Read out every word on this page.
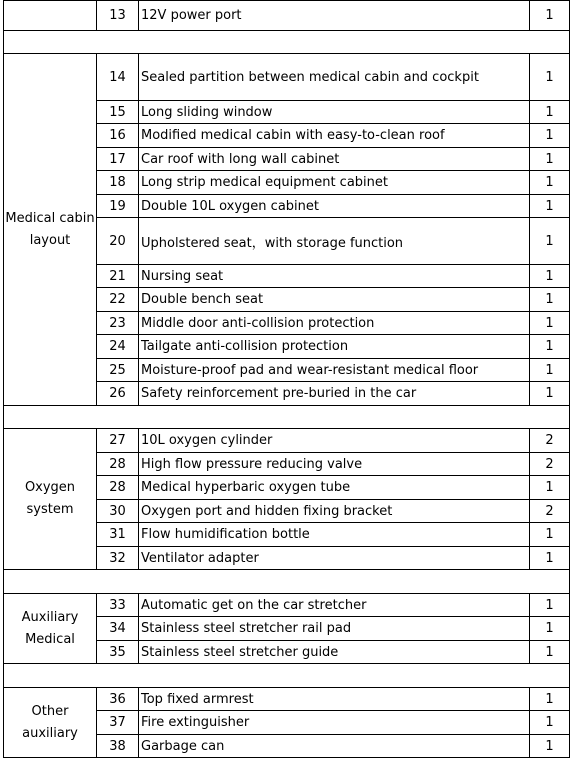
	13	12V power port	1

Medical cabin layout	14	Sealed partition between medical cabin and cockpit	1
	15	Long sliding window	1
	16	Modified medical cabin with easy-to-clean roof	1
	17	Car roof with long wall cabinet	1
	18	Long strip medical equipment cabinet	1
	19	Double 10L oxygen cabinet	1
	20	Upholstered seat，with storage function	1
	21	Nursing seat	1
	22	Double bench seat	1
	23	Middle door anti-collision protection	1
	24	Tailgate anti-collision protection	1
	25	Moisture-proof pad and wear-resistant medical floor	1
	26	Safety reinforcement pre-buried in the car	1

Oxygen system	27	10L oxygen cylinder	2
	28	High flow pressure reducing valve	2
	28	Medical hyperbaric oxygen tube	1
	30	Oxygen port and hidden fixing bracket	2
	31	Flow humidification bottle	1
	32	Ventilator adapter	1

Auxiliary Medical	33	Automatic get on the car stretcher	1
	34	Stainless steel stretcher rail pad	1
	35	Stainless steel stretcher guide	1

Other auxiliary	36	Top fixed armrest	1
	37	Fire extinguisher	1
	38	Garbage can	1
